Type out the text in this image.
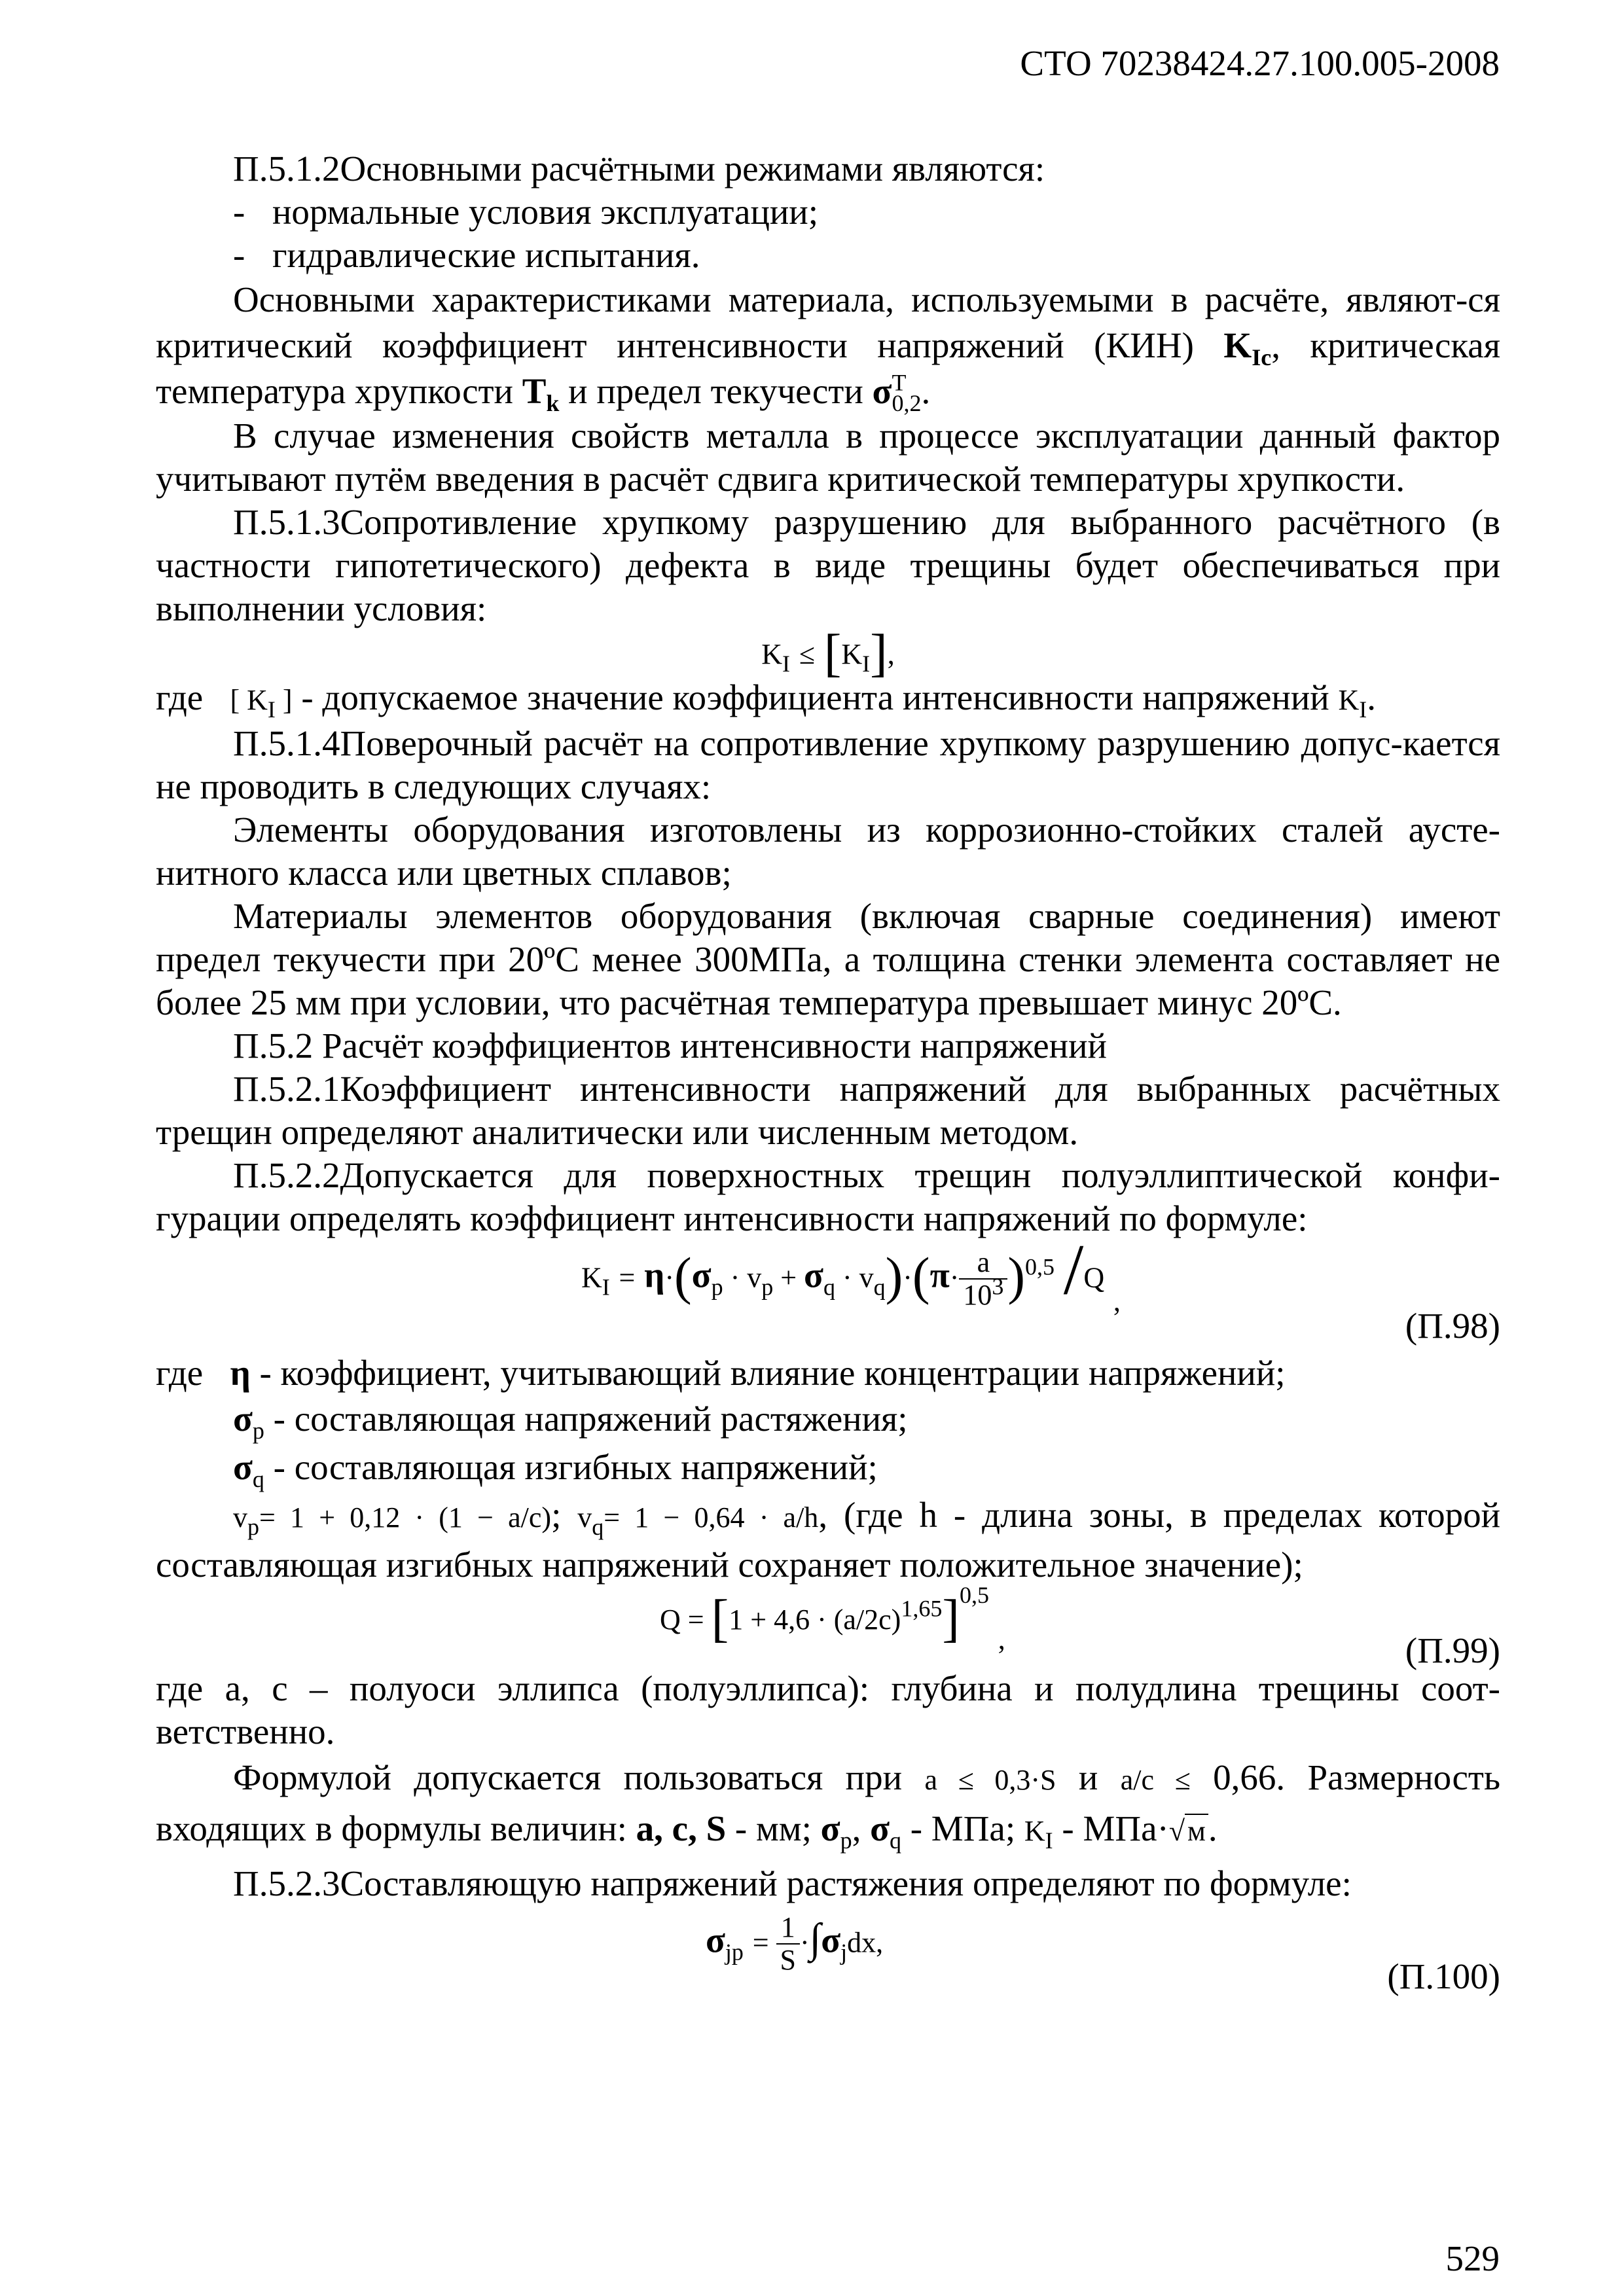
СТО 70238424.27.100.005-2008

П.5.1.2Основными расчётными режимами являются:

- нормальные условия эксплуатации;

- гидравлические испытания.

Основными характеристиками материала, используемыми в расчёте, являют-ся критический коэффициент интенсивности напряжений (КИН) $K_{Ic}$, критическая температура хрупкости $T_k$ и предел текучести $\sigma^T_{0,2}$.

В случае изменения свойств металла в процессе эксплуатации данный фактор учитывают путём введения в расчёт сдвига критической температуры хрупкости.

П.5.1.3Сопротивление хрупкому разрушению для выбранного расчётного (в частности гипотетического) дефекта в виде трещины будет обеспечиваться при выполнении условия:

$K_I \le [K_I]$,

где [ $K_I$ ] - допускаемое значение коэффициента интенсивности напряжений $K_I$.

П.5.1.4Поверочный расчёт на сопротивление хрупкому разрушению допус-кается не проводить в следующих случаях:

Элементы оборудования изготовлены из коррозионно-стойких сталей аусте-нитного класса или цветных сплавов;

Материалы элементов оборудования (включая сварные соединения) имеют предел текучести при 20ºС менее 300МПа, а толщина стенки элемента составляет не более 25 мм при условии, что расчётная температура превышает минус 20ºС.

П.5.2 Расчёт коэффициентов интенсивности напряжений

П.5.2.1Коэффициент интенсивности напряжений для выбранных расчётных трещин определяют аналитически или численным методом.

П.5.2.2Допускается для поверхностных трещин полуэллиптической конфи-гурации определять коэффициент интенсивности напряжений по формуле:

$K_I = \eta\cdot(\sigma_p \cdot v_p + \sigma_q \cdot v_q)\cdot(\pi\cdot \frac{a}{10^3} )^{0,5}$ /Q $_,$
(П.98)

где η - коэффициент, учитывающий влияние концентрации напряжений;

$\sigma_p$ - составляющая напряжений растяжения;

$\sigma_q$ - составляющая изгибных напряжений;

$v_p= 1 + 0,12 \cdot (1 - a/c)$; $v_q= 1 - 0,64 \cdot a/h$, (где h - длина зоны, в пределах которой составляющая изгибных напряжений сохраняет положительное значение);

$Q = [1 + 4,6 \cdot (a/2c)^{1,65}]^{0,5}$ $_,$	(П.99)

где a, c – полуоси эллипса (полуэллипса): глубина и полудлина трещины соот-ветственно.

Формулой допускается пользоваться при a ≤ 0,3·S и a/c ≤ 0,66. Размерность входящих в формулы величин: a, c, S - мм; $\sigma_p$, $\sigma_q$ - МПа; $K_I - МПа\cdot√м$.

П.5.2.3Составляющую напряжений растяжения определяют по формуле:

$\sigma_{jp} = \frac{1}{S} \cdot\int\sigma_jdx$,
(П.100)
529
